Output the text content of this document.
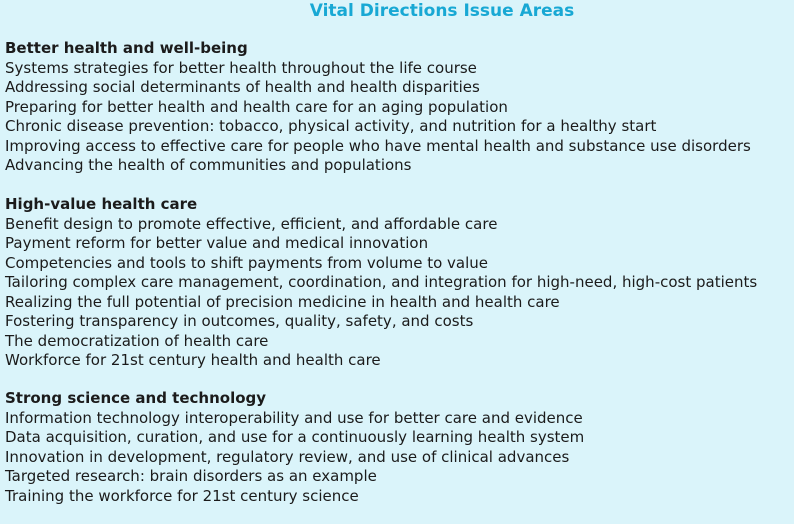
Vital Directions Issue Areas
Better health and well-being
Systems strategies for better health throughout the life course
Addressing social determinants of health and health disparities
Preparing for better health and health care for an aging population
Chronic disease prevention: tobacco, physical activity, and nutrition for a healthy start
Improving access to effective care for people who have mental health and substance use disorders
Advancing the health of communities and populations
High-value health care
Benefit design to promote effective, efficient, and affordable care
Payment reform for better value and medical innovation
Competencies and tools to shift payments from volume to value
Tailoring complex care management, coordination, and integration for high-need, high-cost patients
Realizing the full potential of precision medicine in health and health care
Fostering transparency in outcomes, quality, safety, and costs
The democratization of health care
Workforce for 21st century health and health care
Strong science and technology
Information technology interoperability and use for better care and evidence
Data acquisition, curation, and use for a continuously learning health system
Innovation in development, regulatory review, and use of clinical advances
Targeted research: brain disorders as an example
Training the workforce for 21st century science
